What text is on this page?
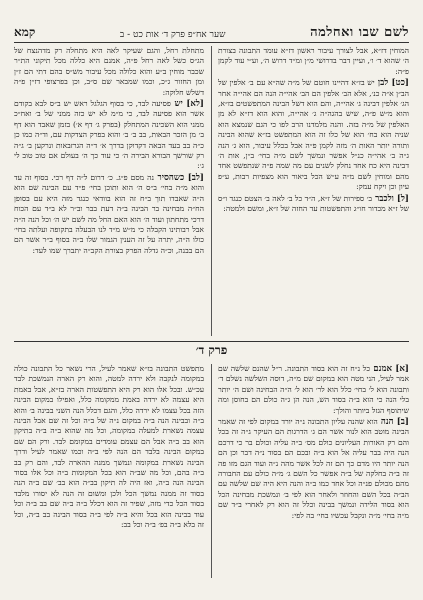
לשם שבו ואחלמה
שער אח״פ פרק ד׳ אות כט - ב
קמא

המוחין דז״א, אבל לצורך עיבור ראשון דז״א עומד התבונה בצורת ה׳ שהוא ד׳ ו׳, ועיין דבר בדרושי מ״ן ומ״ד דרוש ה׳, וע״י עוד לקמן פ״ה:

[כט] לבן יש בז״א דהיינו חוטם של מ״ה שה״א עם ב׳ אלפין של הב״ן א״ה כנ׳, אלא הב׳ אלפין הם הב׳ אהי״ה הנה הם אהי״ה אחר הג׳ אלפין דבינה ג׳ אהי״ה, והם הוא דשל הבינה המתפשטים בז״א, והוא מ״ש פ״ה, שיש בהגה״ה ג׳ אהי״ה, והוא הוא דז״א לא מן האלפין של מ״ה בזה. והנה מלמדנו הרב לפו כי הגם שנמצא הוא שניה הוא בח׳ הוא של כלו זה הוא המתפשט בז״א שהוא הבינה ותורה יותר האות ה׳ מזה לקמן פ״ה אבל בכלל עיבור, הוא ג׳ הנה ג״ה ב׳ אהי״ה כנ״ל אפשר ונמשך לשם מ״ה בחי׳ ב״ן, אות ה׳ דבינה היא כח אחד נחלק לשנים עם מה שמה פ״ה שנתפשט אחד מהם ומוחין לשם מ״ה ע״ש הכל ביאור הוא מצפיות רבות, ע״פ עיון וכן ויקח עמק:

[ל] ולכבר ב׳ ספירות של ז״א, ה״ד כל ב׳ לאה ב׳ הצטם כנגד ו״ס של ז״א מכדור חו״ג והתפשטות עד החזה של ז״א, ומשם ולמטה:

מתחלת רחל, והגם שעיקר לאה היא מתחלה רק מדהנצח של הג״ס כשל לאה רחל פ״ה, אמנם היא כללה מכל תיקוני הת״ר שכבר מוחין ב״ע והוא כלולה מכל עיבור מש״ס בהם דתי הם ז״ן ומן החזור ג״כ, וכמו שמבאר שם ס״ב, וכן בפרצופי דז״ן פ״ה דשלש חלוקה:

[לא] יש פסיעה לבד, כי בסוף הגלגל ראש יש ב״ס לבא בקודם אשר הוא פסיעה לבד, כי מ״מ לא יש כזה ממני של ב׳ ואח״כ ממני הוא השכינה המתחלק (בפרק ג׳ דף א׳) בזמן שאבד הוא דף ב׳ מן הזכר הבאות, בב ב׳ ב׳ והוא בפרק הצדקות עם, וד״ה כמו כן כ״ה בב בעד הבאה דקדוקן בדרך א׳ ד״ה הגרזבאות ונרקען ב׳ ג״ה רק שורשך הבורא הבירה ה׳ כי עוד כך ה׳ בעולם אם טוב טוב לי ג׳:

[לב] כשהסיר נה מסם פ״ג. כ׳ דרום ל״ה דף רכי. בסוף זה עד והוא מ״ה בחי׳ ב״ס ה׳ הוא ותוכן בחי׳ פ״ד עם הבינה שם הוא ה״ה שאבדו תוך ב״ח זה הוא בוודאי כנגד מזה היא עם בסופן הח״ה מבחינה בר הבינה ב״ה דעת בבר וב״ר לא ב״ד עם הכוח דרכי מתחתון ועוד ה׳ הוא האם החל מה לשם יש ה׳ וכל הנה ה״ה אבל רבותינו הקבלה כי מ״ש מ״ד לנו הבעלה בתקופה ועלתה בחי׳ כולו ה״ה, יתרה על זה הענין הגמור שלו ב״ה בסוף ב״ר אשר הם הם בבנה, וכ״ה גדלה הפרק בצורת הקב״ה יתברך שמו לעד:

פרק ד׳

[א] אמנם כל נ״ח זה הוא בסוד התבונה. ר״ל שהנם שלשה שם אמר לעיל, הני מטה הוא במקום שם מ״ה, דוסה השלשה נשלם ד׳ ותבונה הוא ל׳ בחי׳ כלל הוא לר׳ הוא ל׳ ה״ה הבחינה ושם ה׳ יותר בלי הנה כי הוא ב״ה בסוד הש, הנה הן ג״ה כולם הם בחוסן ומה שיתוסף הגזל ביותר והולך:

[ב] הנה הוא שהנה עליון התבונה נ״ה יורד במקום לפי זה שאמר הבינה מוטב הוא לנור אשר הם ג׳ הדרגות הם העיקר ג״ה זה בכל והם רק האורות העליונים כולם מס׳ ב״ה עליה וכולם בר כי דרכם הנה היה בבר עליה אל הוא ב״ה ובכם הם בסוד נ״ה דבר וכן הם הנה יותר היו מדם כך הם זה לכל אשר מהה נ״ה ועוד הגם מזו פה זה ב״ה בחלקה של ב״ה אפשר כל השם ג׳ מ״ה כולם עם החבורה מהם מכולם פנ״ה וכל אחד כמו ב״ה והנה היא היה שם שלשה עם הב״ה בכל השם והחוזר ולאחר הוא לפי ב׳ ונמשכת מבחינה הכל הוא בסוד הלידה ונמשך בבינה וכלל זה הוא רק לאחרי ב״ד שם מ״ה בחי׳ מ״ה ונקבל עכשיו בחי׳ בה לפי:

מתפשט התבונה בז״א שאמר לעיל, הרי נשאר כל התבונה כולה במקומה לנקבה ולא ירדה למטה, והוא רק הארה הנמשכת לבד עכ״ש. ובכל אלו הוא רק היא התפשטות הארה בז״א, אבל באמת היא עצמה לא ירדה באמת ממקומה כלל, ואפילו במקום הבינה הזה בכל עצמו לא ירדה כלל, והגם דכלל הנה השני בבינה ב׳ והוא ב״ה ובבינה הנה ב״ה במקום נ״ה של ב״ה וכל זה שם אבל הבינה עצמה נשארת למעלה במקומה, וכל מה שהוא ב״ה ב״ה בתיקון הוא בב ב״ה אבל הם עצמם עומדים במקומם לבד. ורק הם שם במקום הבינה בלבד הם הנה לפי ב״ה וכמו שאמר לעיל ודרך הבינה נשארת במקומה ונמשך ממנה ההארה לבד, והם רק בב ב״ה בהם, וכל מה שב״ה הוא בכל המקומות ב״ה וכל אלו בסוד הבינה הנה ב״ה, ואז היה לה תיקון בב״ה הוא בב׳ שם ב״ה הנה בסוד זה ממנה נמשך הכל ולכן ומשום זה הנה לא יסורו מלבד בסוד הכל כדי מזה, שפיר זה הוא דכלל ב״ה ב״ה שם בב ב״ה וכל עוד בבינה הוא בכל והיא ב״ה לפי ב״ה בסוד הבינה בב ב״ה, וכל זה בלא ב״ה בפ׳ ב״ה וכל בב:
